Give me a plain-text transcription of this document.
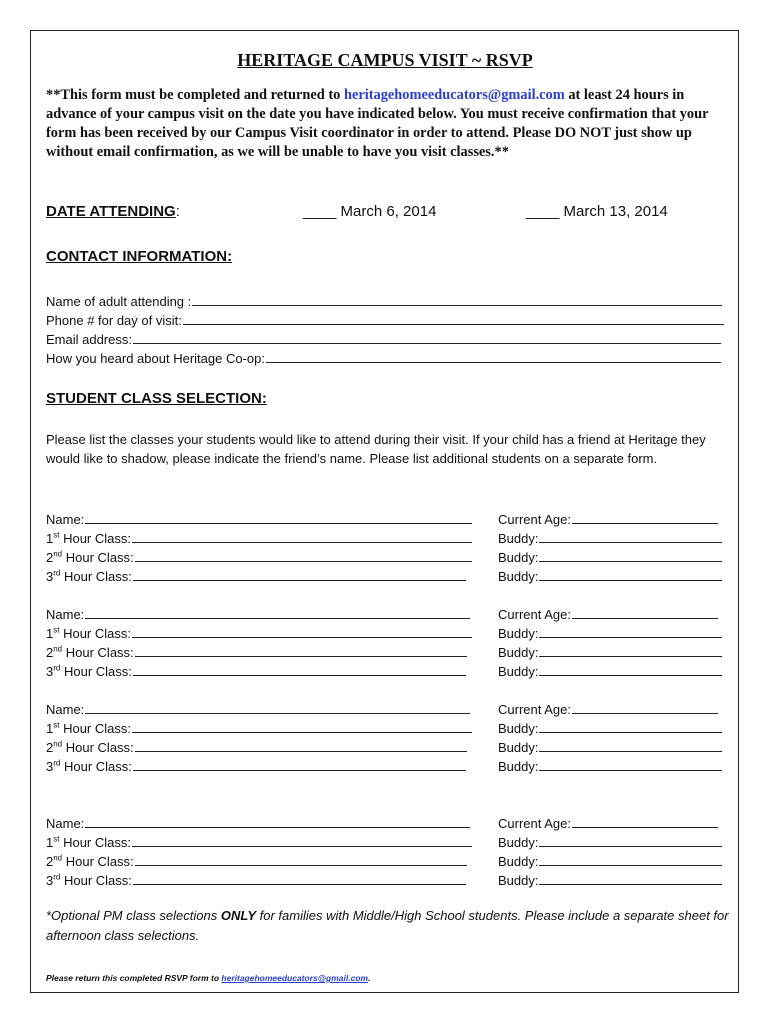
HERITAGE CAMPUS VISIT ~ RSVP
**This form must be completed and returned to heritagehomeeducators@gmail.com at least 24 hours in advance of your campus visit on the date you have indicated below. You must receive confirmation that your form has been received by our Campus Visit coordinator in order to attend. Please DO NOT just show up without email confirmation, as we will be unable to have you visit classes.**
DATE ATTENDING:	____ March 6, 2014	____ March 13, 2014
CONTACT INFORMATION:
Name of adult attending :
Phone # for day of visit:
Email address:
How you heard about Heritage Co-op:
STUDENT CLASS SELECTION:
Please list the classes your students would like to attend during their visit. If your child has a friend at Heritage they would like to shadow, please indicate the friend’s name. Please list additional students on a separate form.
Name:	Current Age:
1st Hour Class:	Buddy:
2nd Hour Class:	Buddy:
3rd Hour Class:	Buddy:
Name:	Current Age:
1st Hour Class:	Buddy:
2nd Hour Class:	Buddy:
3rd Hour Class:	Buddy:
Name:	Current Age:
1st Hour Class:	Buddy:
2nd Hour Class:	Buddy:
3rd Hour Class:	Buddy:
Name:	Current Age:
1st Hour Class:	Buddy:
2nd Hour Class:	Buddy:
3rd Hour Class:	Buddy:
*Optional PM class selections ONLY for families with Middle/High School students. Please include a separate sheet for afternoon class selections.
Please return this completed RSVP form to heritagehomeeducators@gmail.com.
